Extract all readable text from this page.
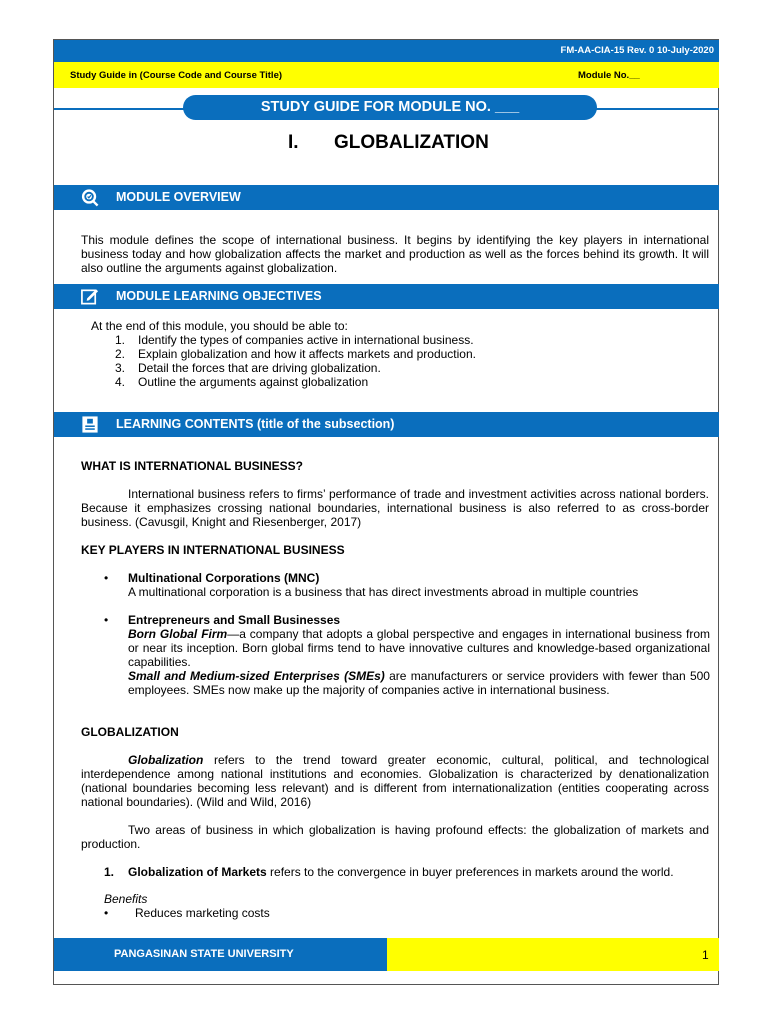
FM-AA-CIA-15 Rev. 0 10-July-2020
Study Guide in (Course Code and Course Title)	Module No.__
STUDY GUIDE FOR MODULE NO. ___
I. GLOBALIZATION
MODULE OVERVIEW
This module defines the scope of international business. It begins by identifying the key players in international business today and how globalization affects the market and production as well as the forces behind its growth. It will also outline the arguments against globalization.
MODULE LEARNING OBJECTIVES
At the end of this module, you should be able to:
1. Identify the types of companies active in international business.
2. Explain globalization and how it affects markets and production.
3. Detail the forces that are driving globalization.
4. Outline the arguments against globalization
LEARNING CONTENTS (title of the subsection)
WHAT IS INTERNATIONAL BUSINESS?
International business refers to firms’ performance of trade and investment activities across national borders. Because it emphasizes crossing national boundaries, international business is also referred to as cross-border business. (Cavusgil, Knight and Riesenberger, 2017)
KEY PLAYERS IN INTERNATIONAL BUSINESS
• Multinational Corporations (MNC)
A multinational corporation is a business that has direct investments abroad in multiple countries
• Entrepreneurs and Small Businesses
Born Global Firm—a company that adopts a global perspective and engages in international business from or near its inception. Born global firms tend to have innovative cultures and knowledge-based organizational capabilities.
Small and Medium-sized Enterprises (SMEs) are manufacturers or service providers with fewer than 500 employees. SMEs now make up the majority of companies active in international business.
GLOBALIZATION
Globalization refers to the trend toward greater economic, cultural, political, and technological interdependence among national institutions and economies. Globalization is characterized by denationalization (national boundaries becoming less relevant) and is different from internationalization (entities cooperating across national boundaries). (Wild and Wild, 2016)
Two areas of business in which globalization is having profound effects: the globalization of markets and production.
1. Globalization of Markets refers to the convergence in buyer preferences in markets around the world.
Benefits
• Reduces marketing costs
PANGASINAN STATE UNIVERSITY	1
